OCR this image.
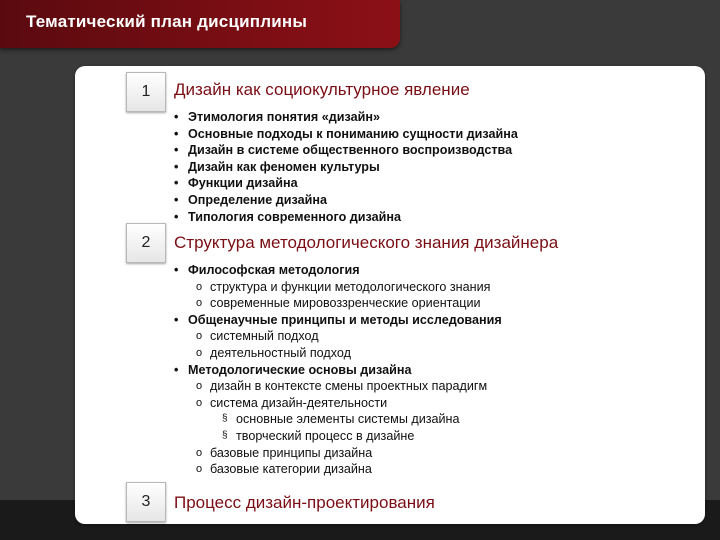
Тематический план дисциплины
1	Дизайн как социокультурное явление
• Этимология понятия «дизайн»
• Основные подходы к пониманию сущности дизайна
• Дизайн в системе общественного воспроизводства
• Дизайн как феномен культуры
• Функции дизайна
• Определение дизайна
• Типология современного дизайна
2	Структура методологического знания дизайнера
• Философская методология
o структура и функции методологического знания
o современные мировоззренческие ориентации
• Общенаучные принципы и методы исследования
o системный подход
o деятельностный подход
• Методологические основы дизайна
o дизайн в контексте смены проектных парадигм
o система дизайн-деятельности
§ основные элементы системы дизайна
§ творческий процесс в дизайне
o базовые принципы дизайна
o базовые категории дизайна
3	Процесс дизайн-проектирования
